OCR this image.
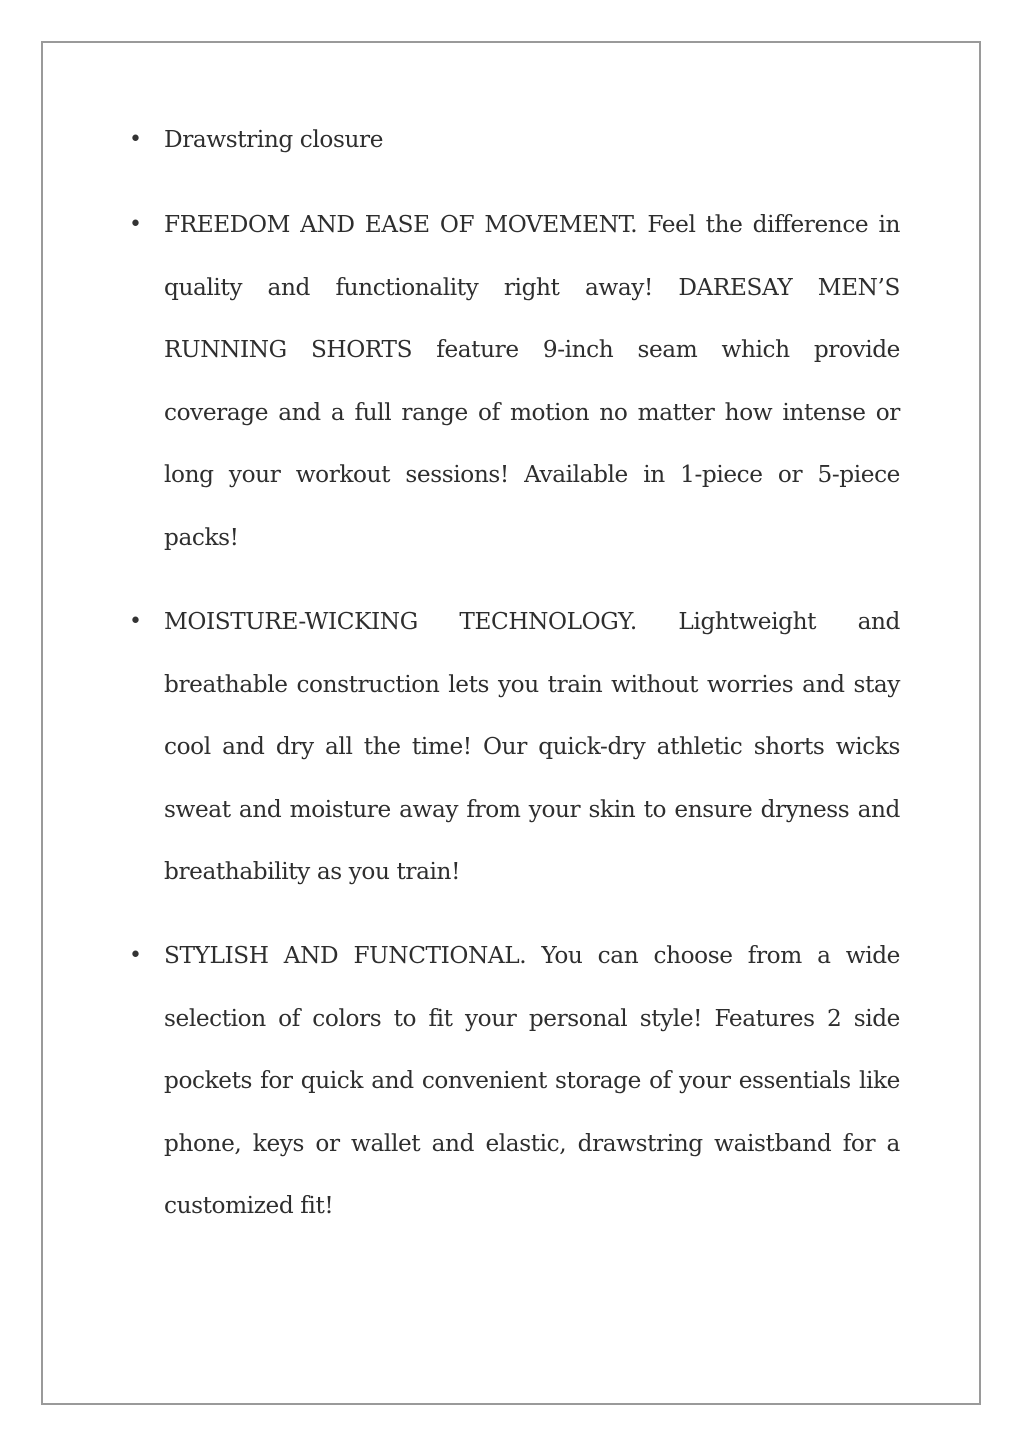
• Drawstring closure
• FREEDOM AND EASE OF MOVEMENT. Feel the difference in quality and functionality right away! DARESAY MEN’S RUNNING SHORTS feature 9-inch seam which provide coverage and a full range of motion no matter how intense or long your workout sessions! Available in 1-piece or 5-piece packs!
• MOISTURE-WICKING TECHNOLOGY. Lightweight and breathable construction lets you train without worries and stay cool and dry all the time! Our quick-dry athletic shorts wicks sweat and moisture away from your skin to ensure dryness and breathability as you train!
• STYLISH AND FUNCTIONAL. You can choose from a wide selection of colors to fit your personal style! Features 2 side pockets for quick and convenient storage of your essentials like phone, keys or wallet and elastic, drawstring waistband for a customized fit!
